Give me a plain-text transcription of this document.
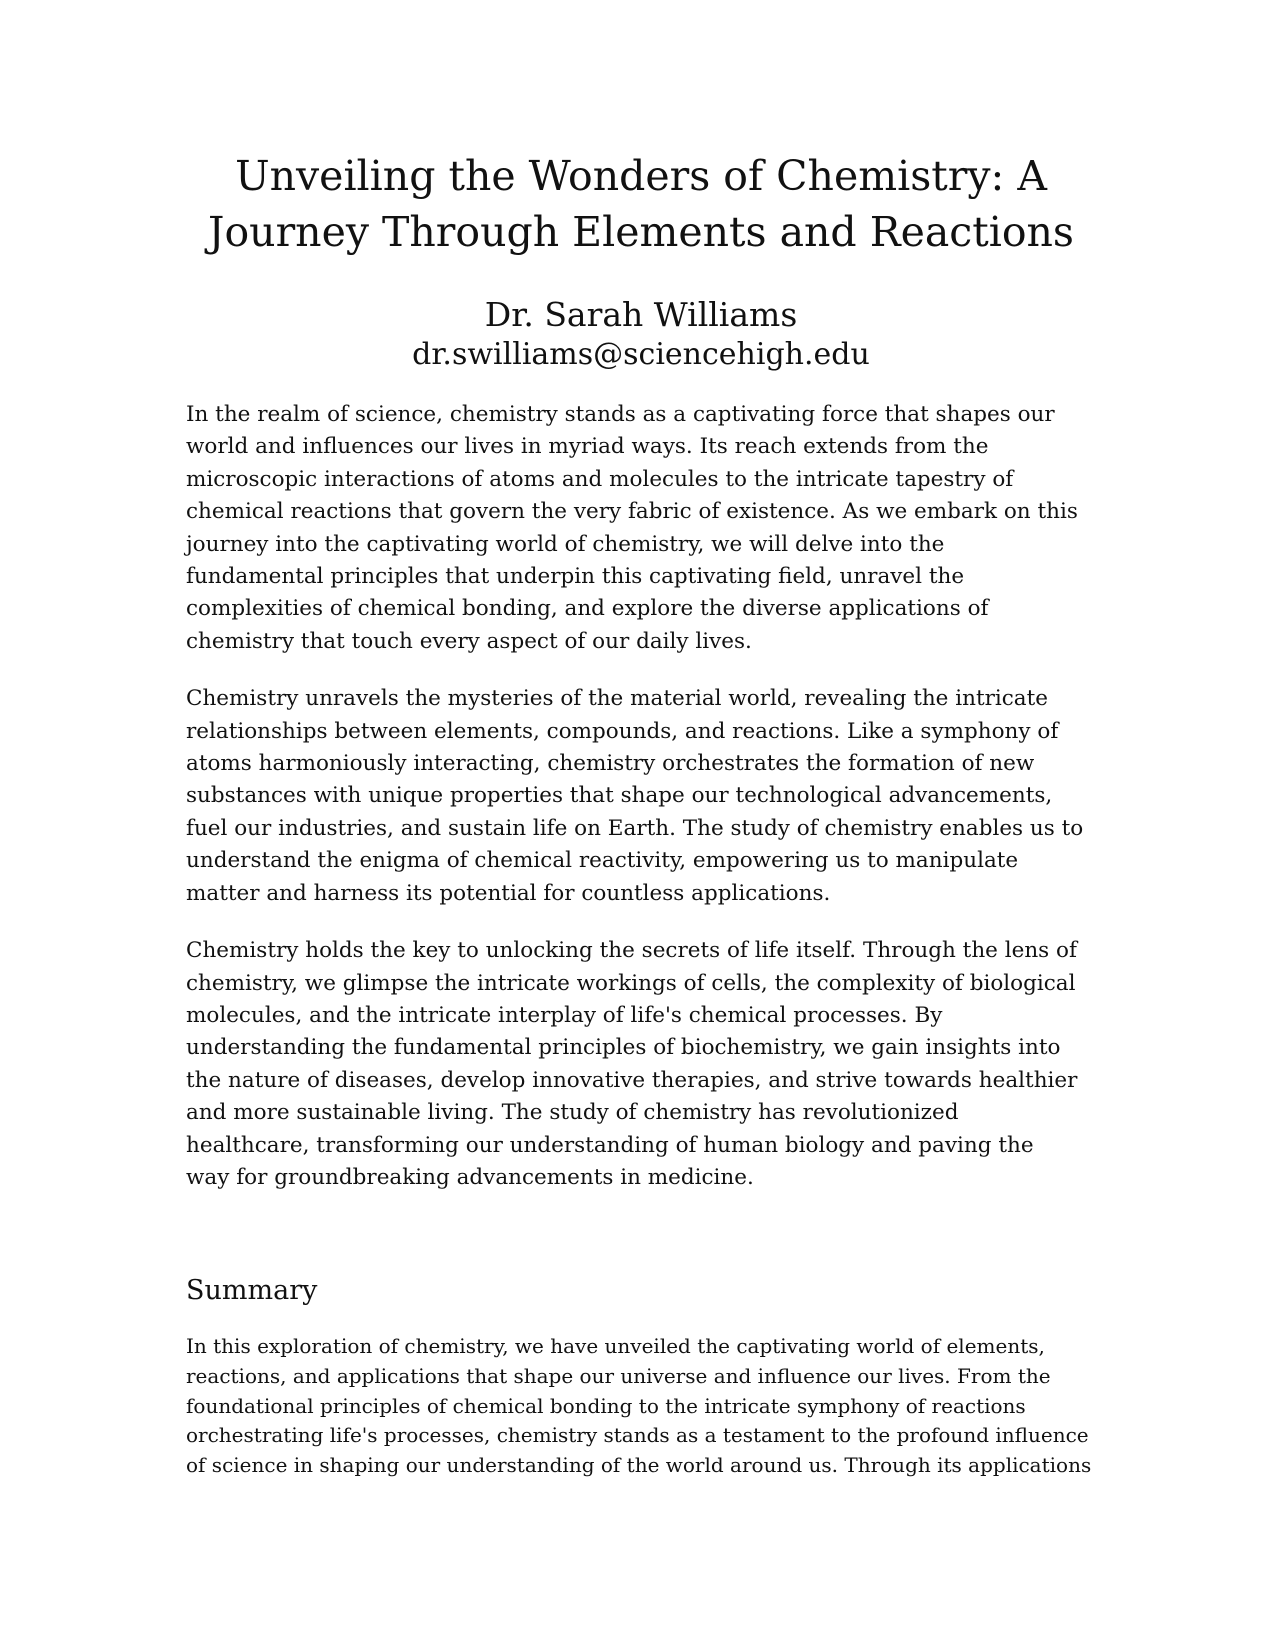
Unveiling the Wonders of Chemistry: A
Journey Through Elements and Reactions

Dr. Sarah Williams

dr.swilliams@sciencehigh.edu

In the realm of science, chemistry stands as a captivating force that shapes our
world and influences our lives in myriad ways. Its reach extends from the
microscopic interactions of atoms and molecules to the intricate tapestry of
chemical reactions that govern the very fabric of existence. As we embark on this
journey into the captivating world of chemistry, we will delve into the
fundamental principles that underpin this captivating field, unravel the
complexities of chemical bonding, and explore the diverse applications of
chemistry that touch every aspect of our daily lives.

Chemistry unravels the mysteries of the material world, revealing the intricate
relationships between elements, compounds, and reactions. Like a symphony of
atoms harmoniously interacting, chemistry orchestrates the formation of new
substances with unique properties that shape our technological advancements,
fuel our industries, and sustain life on Earth. The study of chemistry enables us to
understand the enigma of chemical reactivity, empowering us to manipulate
matter and harness its potential for countless applications.

Chemistry holds the key to unlocking the secrets of life itself. Through the lens of
chemistry, we glimpse the intricate workings of cells, the complexity of biological
molecules, and the intricate interplay of life's chemical processes. By
understanding the fundamental principles of biochemistry, we gain insights into
the nature of diseases, develop innovative therapies, and strive towards healthier
and more sustainable living. The study of chemistry has revolutionized
healthcare, transforming our understanding of human biology and paving the
way for groundbreaking advancements in medicine.

Summary

In this exploration of chemistry, we have unveiled the captivating world of elements,
reactions, and applications that shape our universe and influence our lives. From the
foundational principles of chemical bonding to the intricate symphony of reactions
orchestrating life's processes, chemistry stands as a testament to the profound influence
of science in shaping our understanding of the world around us. Through its applications
